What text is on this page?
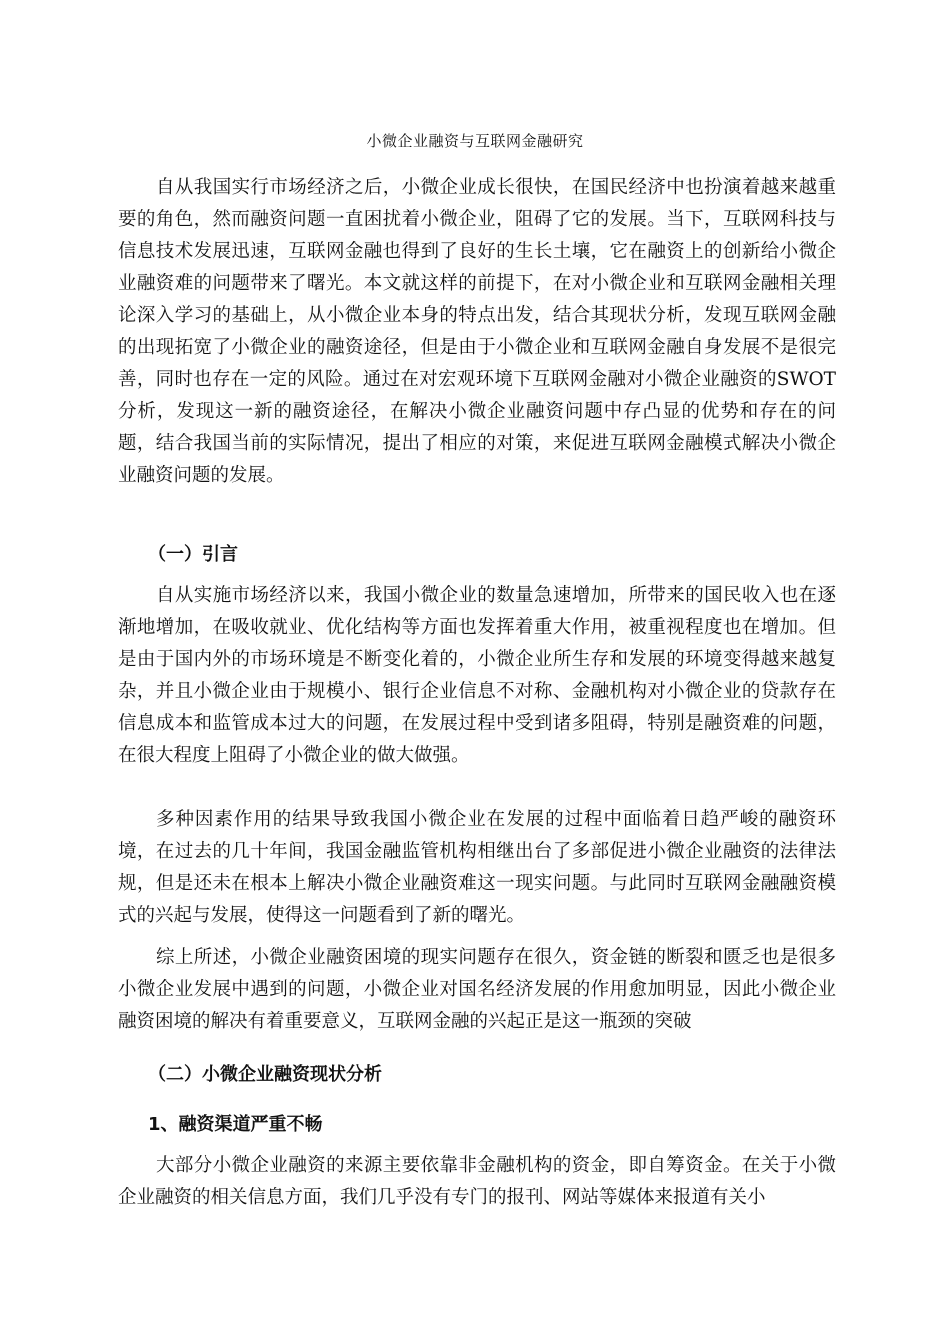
小微企业融资与互联网金融研究

自从我国实行市场经济之后，小微企业成长很快，在国民经济中也扮演着越来越重要的角色，然而融资问题一直困扰着小微企业，阻碍了它的发展。当下，互联网科技与信息技术发展迅速，互联网金融也得到了良好的生长土壤，它在融资上的创新给小微企业融资难的问题带来了曙光。本文就这样的前提下，在对小微企业和互联网金融相关理论深入学习的基础上，从小微企业本身的特点出发，结合其现状分析，发现互联网金融的出现拓宽了小微企业的融资途径，但是由于小微企业和互联网金融自身发展不是很完善，同时也存在一定的风险。通过在对宏观环境下互联网金融对小微企业融资的SWOT分析，发现这一新的融资途径，在解决小微企业融资问题中存凸显的优势和存在的问题，结合我国当前的实际情况，提出了相应的对策，来促进互联网金融模式解决小微企业融资问题的发展。

（一）引言

自从实施市场经济以来，我国小微企业的数量急速增加，所带来的国民收入也在逐渐地增加，在吸收就业、优化结构等方面也发挥着重大作用，被重视程度也在增加。但是由于国内外的市场环境是不断变化着的，小微企业所生存和发展的环境变得越来越复杂，并且小微企业由于规模小、银行企业信息不对称、金融机构对小微企业的贷款存在信息成本和监管成本过大的问题，在发展过程中受到诸多阻碍，特别是融资难的问题，在很大程度上阻碍了小微企业的做大做强。

多种因素作用的结果导致我国小微企业在发展的过程中面临着日趋严峻的融资环境，在过去的几十年间，我国金融监管机构相继出台了多部促进小微企业融资的法律法规，但是还未在根本上解决小微企业融资难这一现实问题。与此同时互联网金融融资模式的兴起与发展，使得这一问题看到了新的曙光。

综上所述，小微企业融资困境的现实问题存在很久，资金链的断裂和匮乏也是很多小微企业发展中遇到的问题，小微企业对国名经济发展的作用愈加明显，因此小微企业融资困境的解决有着重要意义，互联网金融的兴起正是这一瓶颈的突破

（二）小微企业融资现状分析

1、融资渠道严重不畅

大部分小微企业融资的来源主要依靠非金融机构的资金，即自筹资金。在关于小微企业融资的相关信息方面，我们几乎没有专门的报刊、网站等媒体来报道有关小
